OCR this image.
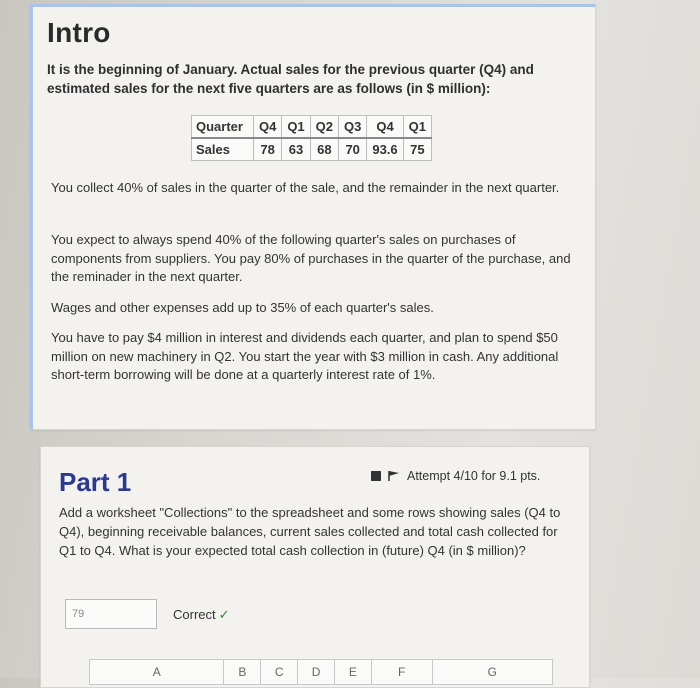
Intro

It is the beginning of January. Actual sales for the previous quarter (Q4) and estimated sales for the next five quarters are as follows (in $ million):

Quarter	Q4	Q1	Q2	Q3	Q4	Q1
Sales	78	63	68	70	93.6	75

You collect 40% of sales in the quarter of the sale, and the remainder in the next quarter.

You expect to always spend 40% of the following quarter's sales on purchases of components from suppliers. You pay 80% of purchases in the quarter of the purchase, and the reminader in the next quarter.

Wages and other expenses add up to 35% of each quarter's sales.

You have to pay $4 million in interest and dividends each quarter, and plan to spend $50 million on new machinery in Q2. You start the year with $3 million in cash. Any additional short-term borrowing will be done at a quarterly interest rate of 1%.

Part 1	Attempt 4/10 for 9.1 pts.

Add a worksheet "Collections" to the spreadsheet and some rows showing sales (Q4 to Q4), beginning receivable balances, current sales collected and total cash collected for Q1 to Q4. What is your expected total cash collection in (future) Q4 (in $ million)?

79
Correct ✓
A	B	C	D	E	F	G
